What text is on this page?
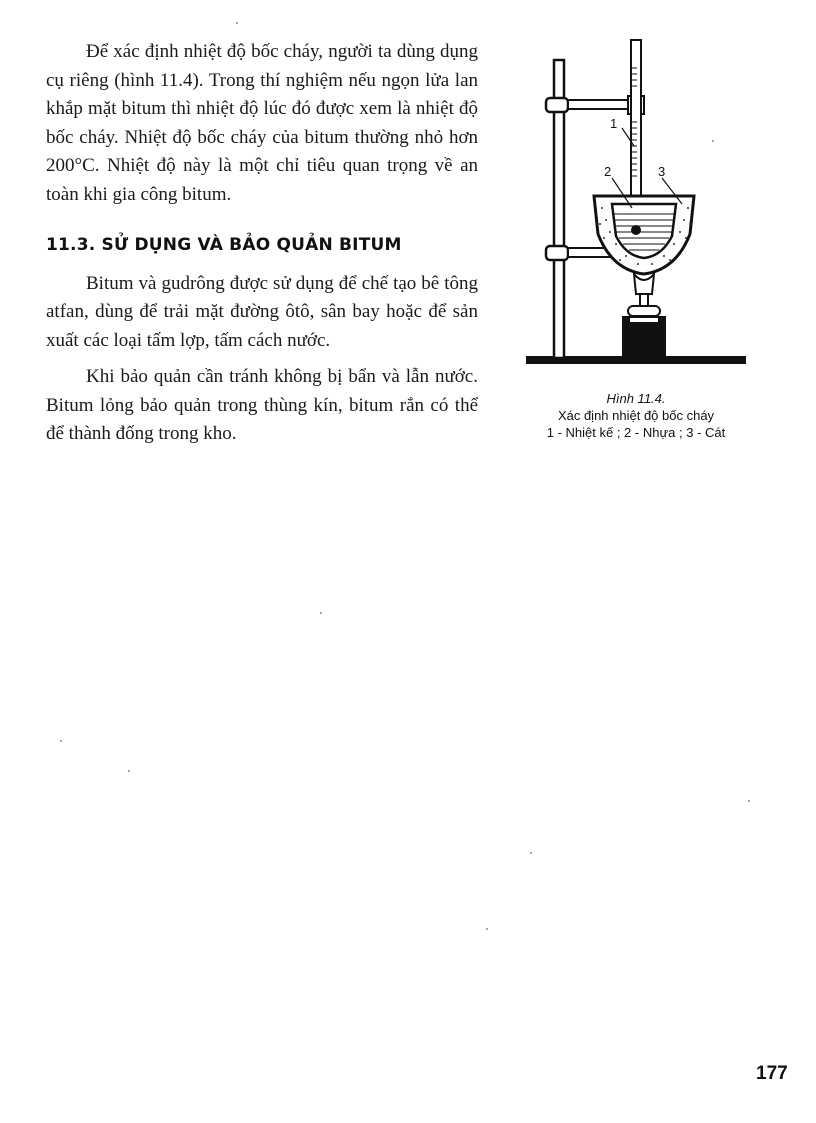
Để xác định nhiệt độ bốc cháy, người ta dùng dụng cụ riêng (hình 11.4). Trong thí nghiệm nếu ngọn lửa lan khắp mặt bitum thì nhiệt độ lúc đó được xem là nhiệt độ bốc cháy. Nhiệt độ bốc cháy của bitum thường nhỏ hơn 200°C. Nhiệt độ này là một chỉ tiêu quan trọng về an toàn khi gia công bitum.

11.3. SỬ DỤNG VÀ BẢO QUẢN BITUM

Bitum và gudrông được sử dụng để chế tạo bê tông atfan, dùng để trải mặt đường ôtô, sân bay hoặc để sản xuất các loại tấm lợp, tấm cách nước.

Khi bảo quản cần tránh không bị bẩn và lẫn nước. Bitum lỏng bảo quản trong thùng kín, bitum rắn có thể để thành đống trong kho.

1
2	3
Hình 11.4.
Xác định nhiệt độ bốc cháy
1 - Nhiệt kế ; 2 - Nhựa ; 3 - Cát
177
